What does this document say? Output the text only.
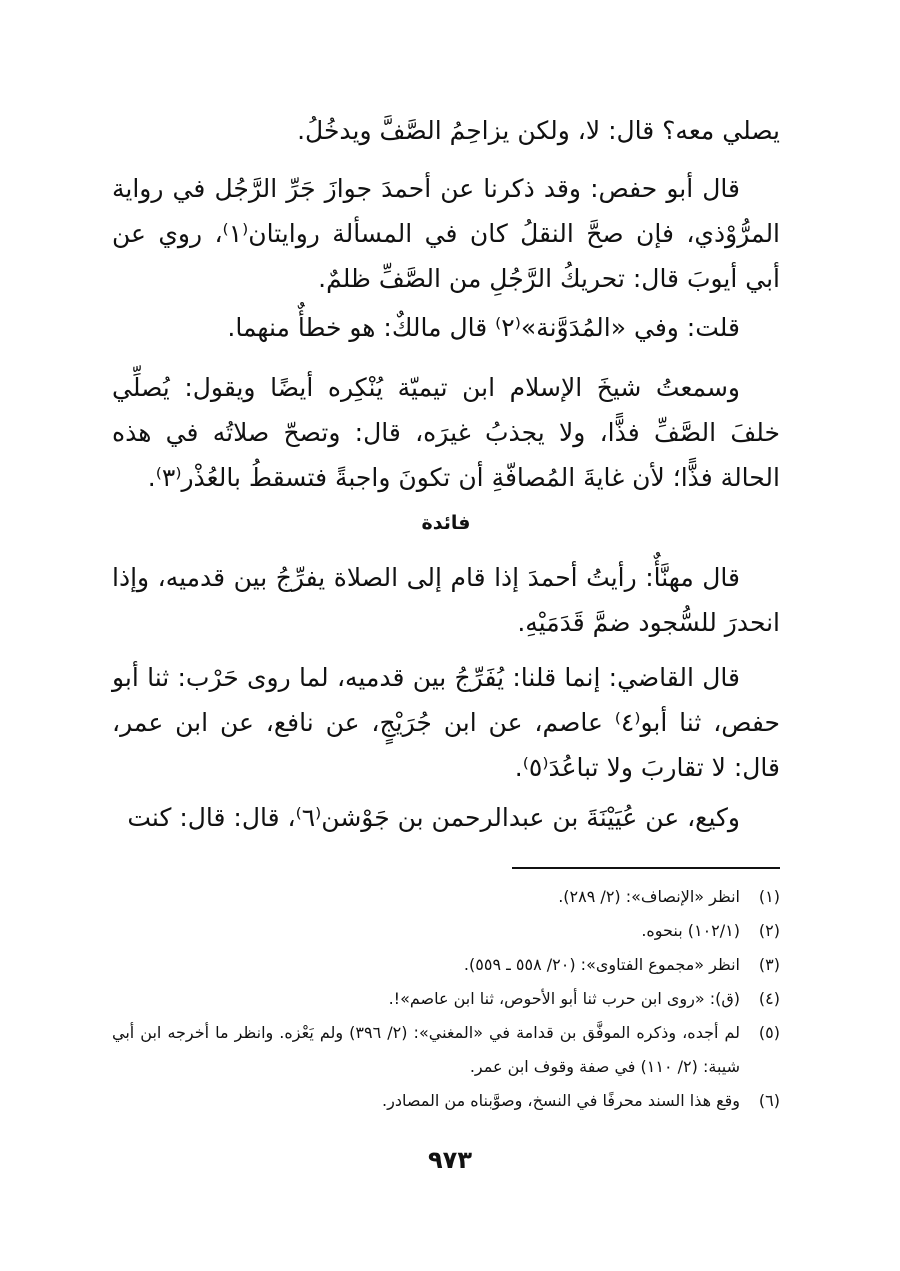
يصلي معه؟ قال: لا، ولكن يزاحِمُ الصَّفَّ ويدخُلُ.

قال أبو حفص: وقد ذكرنا عن أحمدَ جوازَ جَرِّ الرَّجُل في رواية المرُّوْذي، فإن صحَّ النقلُ كان في المسألة روايتان⁽١⁾، روي عن أبي أيوبَ قال: تحريكُ الرَّجُلِ من الصَّفِّ ظلمٌ.

قلت: وفي «المُدَوَّنة»⁽٢⁾ قال مالكٌ: هو خطأٌ منهما.

وسمعتُ شيخَ الإسلام ابن تيميّة يُنْكِره أيضًا ويقول: يُصلِّي خلفَ الصَّفِّ فذًّا، ولا يجذبُ غيرَه، قال: وتصحّ صلاتُه في هذه الحالة فذًّا؛ لأن غايةَ المُصافّةِ أن تكونَ واجبةً فتسقطُ بالعُذْر⁽٣⁾.

فائدة

قال مهنَّأٌ: رأيتُ أحمدَ إذا قام إلى الصلاة يفرِّجُ بين قدميه، وإذا انحدرَ للسُّجود ضمَّ قَدَمَيْهِ.

قال القاضي: إنما قلنا: يُفَرِّجُ بين قدميه، لما روى حَرْب: ثنا أبو حفص، ثنا أبو⁽٤⁾ عاصم، عن ابن جُرَيْجٍ، عن نافع، عن ابن عمر، قال: لا تقاربَ ولا تباعُدَ⁽٥⁾.

وكيع، عن عُيَيْنَةَ بن عبدالرحمن بن جَوْشن⁽٦⁾، قال: قال: كنت

(١)
انظر «الإنصاف»: (٢/ ٢٨٩).
(٢)
(١٠٢/١) بنحوه.
(٣)
انظر «مجموع الفتاوى»: (٢٠/ ٥٥٨ ـ ٥٥٩).
(٤)
(ق): «روى ابن حرب ثنا أبو الأحوص، ثنا ابن عاصم»!.
(٥)
لم أجده، وذكره الموفَّق بن قدامة في «المغني»: (٢/ ٣٩٦) ولم يَعْزه. وانظر ما أخرجه ابن أبي شيبة: (٢/ ١١٠) في صفة وقوف ابن عمر.
(٦)
وقع هذا السند محرفًا في النسخ، وصوَّبناه من المصادر.
٩٧٣
